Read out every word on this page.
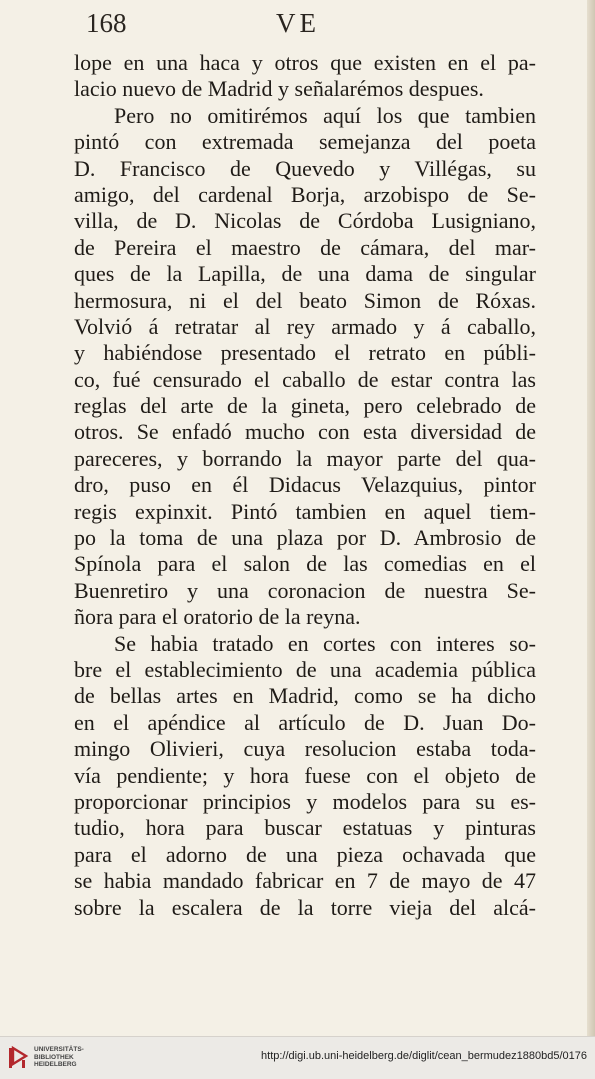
168	VE
lope en una haca y otros que existen en el pa-
lacio nuevo de Madrid y señalarémos despues.
Pero no omitirémos aquí los que tambien
pintó con extremada semejanza del poeta
D. Francisco de Quevedo y Villégas, su
amigo, del cardenal Borja, arzobispo de Se-
villa, de D. Nicolas de Córdoba Lusigniano,
de Pereira el maestro de cámara, del mar-
ques de la Lapilla, de una dama de singular
hermosura, ni el del beato Simon de Róxas.
Volvió á retratar al rey armado y á caballo,
y habiéndose presentado el retrato en públi-
co, fué censurado el caballo de estar contra las
reglas del arte de la gineta, pero celebrado de
otros. Se enfadó mucho con esta diversidad de
pareceres, y borrando la mayor parte del qua-
dro, puso en él Didacus Velazquius, pintor
regis expinxit. Pintó tambien en aquel tiem-
po la toma de una plaza por D. Ambrosio de
Spínola para el salon de las comedias en el
Buenretiro y una coronacion de nuestra Se-
ñora para el oratorio de la reyna.
Se habia tratado en cortes con interes so-
bre el establecimiento de una academia pública
de bellas artes en Madrid, como se ha dicho
en el apéndice al artículo de D. Juan Do-
mingo Olivieri, cuya resolucion estaba toda-
vía pendiente; y hora fuese con el objeto de
proporcionar principios y modelos para su es-
tudio, hora para buscar estatuas y pinturas
para el adorno de una pieza ochavada que
se habia mandado fabricar en 7 de mayo de 47
sobre la escalera de la torre vieja del alcá-
UNIVERSITÄTS-
BIBLIOTHEK
HEIDELBERG
http://digi.ub.uni-heidelberg.de/diglit/cean_bermudez1880bd5/0176
